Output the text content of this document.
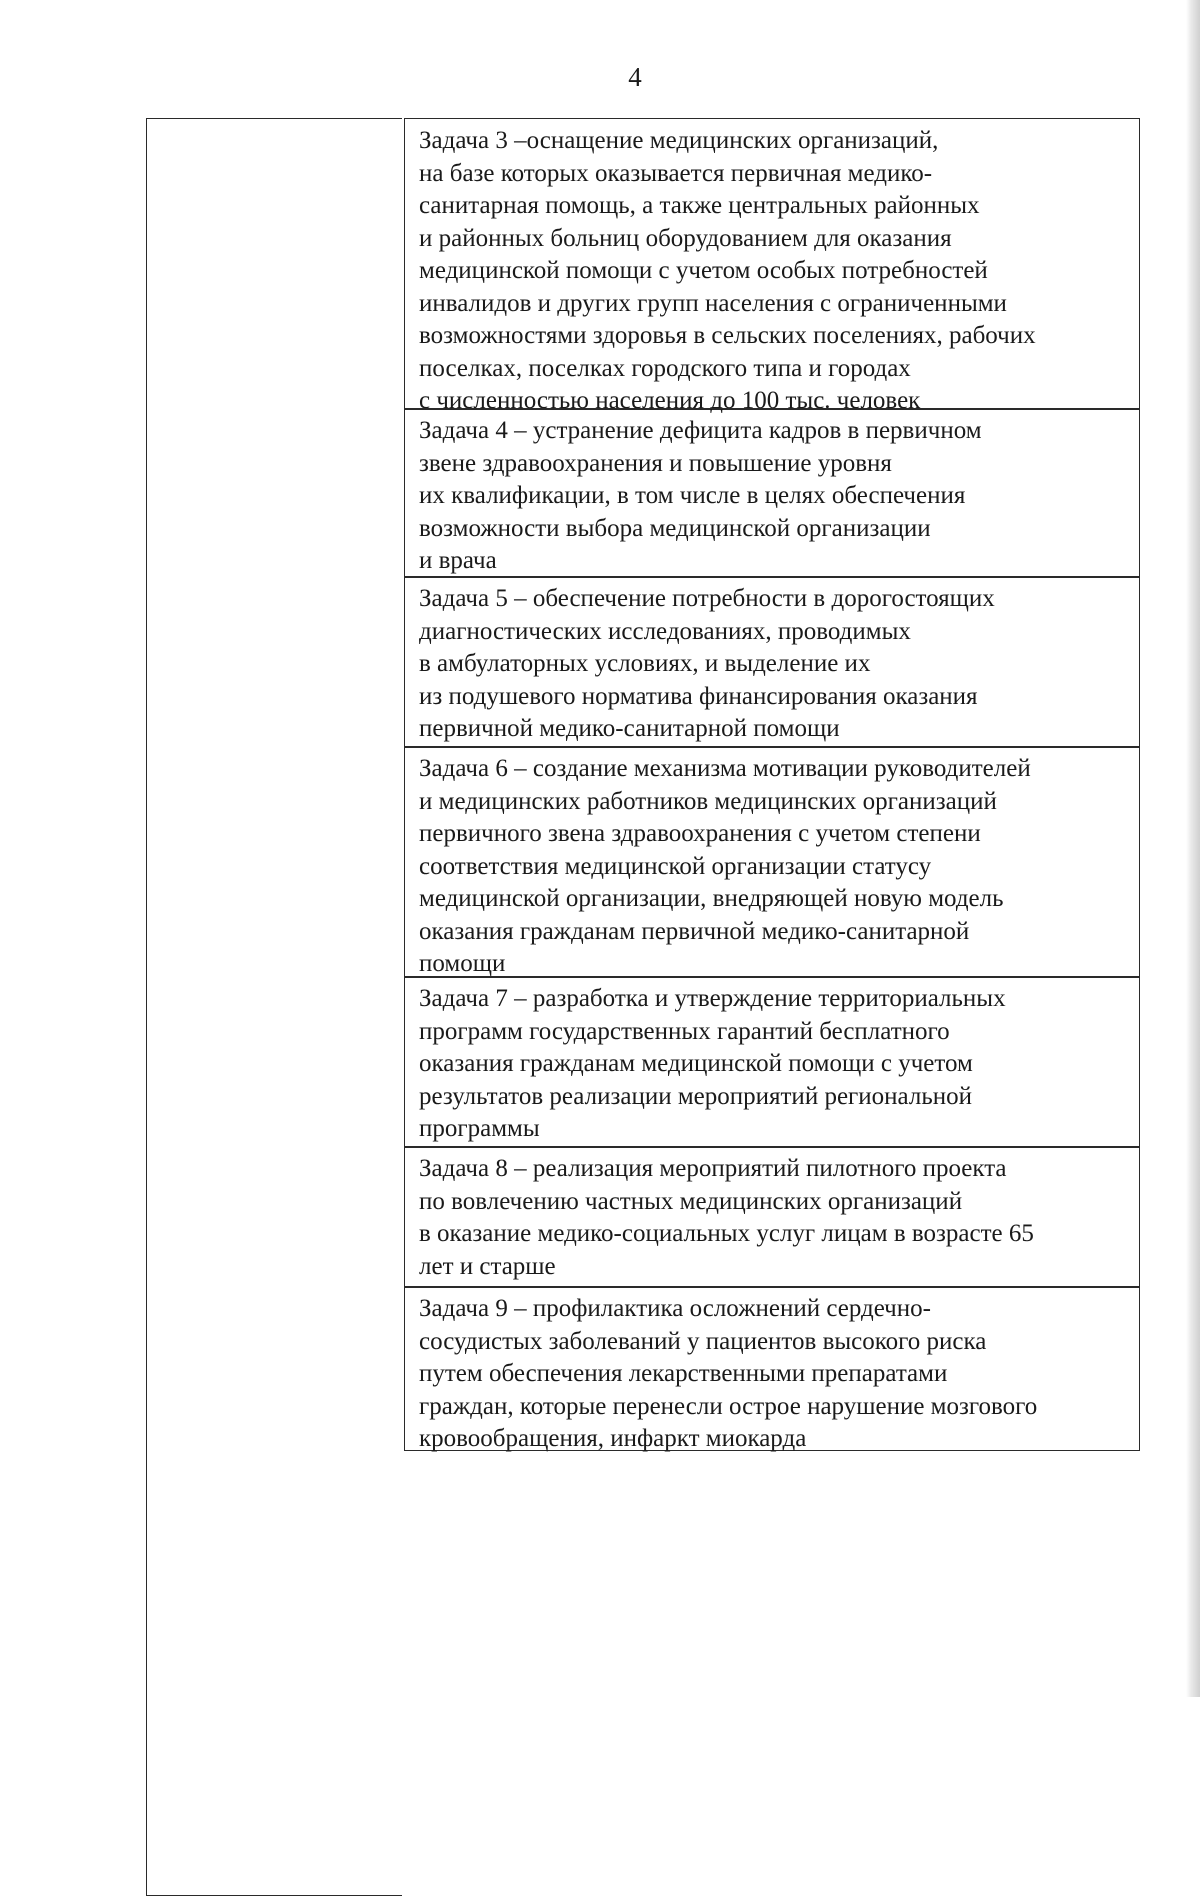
4
Задача 3 –оснащение медицинских организаций,
на базе которых оказывается первичная медико-
санитарная помощь, а также центральных районных
и районных больниц оборудованием для оказания
медицинской помощи с учетом особых потребностей
инвалидов и других групп населения с ограниченными
возможностями здоровья в сельских поселениях, рабочих
поселках, поселках городского типа и городах
с численностью населения до 100 тыс. человек
Задача 4 – устранение дефицита кадров в первичном
звене здравоохранения и повышение уровня
их квалификации, в том числе в целях обеспечения
возможности выбора медицинской организации
и врача
Задача 5 – обеспечение потребности в дорогостоящих
диагностических исследованиях, проводимых
в амбулаторных условиях, и выделение их
из подушевого норматива финансирования оказания
первичной медико-санитарной помощи
Задача 6 – создание механизма мотивации руководителей
и медицинских работников медицинских организаций
первичного звена здравоохранения с учетом степени
соответствия медицинской организации статусу
медицинской организации, внедряющей новую модель
оказания гражданам первичной медико-санитарной
помощи
Задача 7 – разработка и утверждение территориальных
программ государственных гарантий бесплатного
оказания гражданам медицинской помощи с учетом
результатов реализации мероприятий региональной
программы
Задача 8 – реализация мероприятий пилотного проекта
по вовлечению частных медицинских организаций
в оказание медико-социальных услуг лицам в возрасте 65
лет и старше
Задача 9 – профилактика осложнений сердечно-
сосудистых заболеваний у пациентов высокого риска
путем обеспечения лекарственными препаратами
граждан, которые перенесли острое нарушение мозгового
кровообращения, инфаркт миокарда
